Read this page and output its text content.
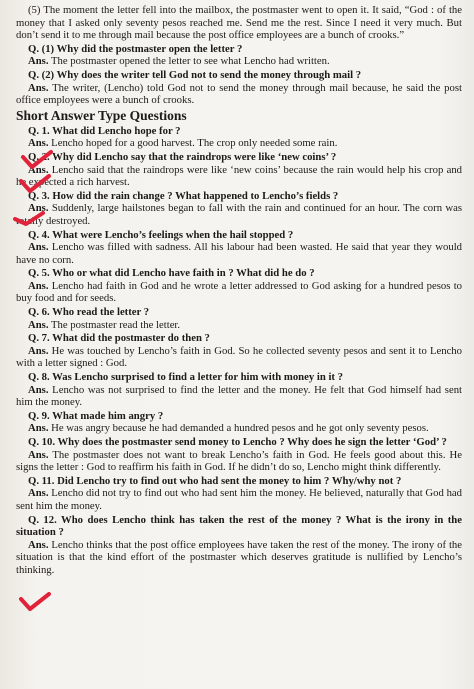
(5) The moment the letter fell into the mailbox, the postmaster went to open it. It said, “God : of the money that I asked only seventy pesos reached me. Send me the rest. Since I need it very much. But don’t send it to me through mail because the post office employees are a bunch of crooks.”

Q. (1) Why did the postmaster open the letter ?

Ans. The postmaster opened the letter to see what Lencho had written.

Q. (2) Why does the writer tell God not to send the money through mail ?

Ans. The writer, (Lencho) told God not to send the money through mail because, he said the post office employees were a bunch of crooks.

Short Answer Type Questions

Q. 1. What did Lencho hope for ?

Ans. Lencho hoped for a good harvest. The crop only needed some rain.

Q. 2. Why did Lencho say that the raindrops were like ‘new coins’ ?

Ans. Lencho said that the raindrops were like ‘new coins’ because the rain would help his crop and he expected a rich harvest.

Q. 3. How did the rain change ? What happened to Lencho’s fields ?

Ans. Suddenly, large hailstones began to fall with the rain and continued for an hour. The corn was totally destroyed.

Q. 4. What were Lencho’s feelings when the hail stopped ?

Ans. Lencho was filled with sadness. All his labour had been wasted. He said that year they would have no corn.

Q. 5. Who or what did Lencho have faith in ? What did he do ?

Ans. Lencho had faith in God and he wrote a letter addressed to God asking for a hundred pesos to buy food and for seeds.

Q. 6. Who read the letter ?

Ans. The postmaster read the letter.

Q. 7. What did the postmaster do then ?

Ans. He was touched by Lencho’s faith in God. So he collected seventy pesos and sent it to Lencho with a letter signed : God.

Q. 8. Was Lencho surprised to find a letter for him with money in it ?

Ans. Lencho was not surprised to find the letter and the money. He felt that God himself had sent him the money.

Q. 9. What made him angry ?

Ans. He was angry because he had demanded a hundred pesos and he got only seventy pesos.

Q. 10. Why does the postmaster send money to Lencho ? Why does he sign the letter ‘God’ ?

Ans. The postmaster does not want to break Lencho’s faith in God. He feels good about this. He signs the letter : God to reaffirm his faith in God. If he didn’t do so, Lencho might think differently.

Q. 11. Did Lencho try to find out who had sent the money to him ? Why/why not ?

Ans. Lencho did not try to find out who had sent him the money. He believed, naturally that God had sent him the money.

Q. 12. Who does Lencho think has taken the rest of the money ? What is the irony in the situation ?

Ans. Lencho thinks that the post office employees have taken the rest of the money. The irony of the situation is that the kind effort of the postmaster which deserves gratitude is nullified by Lencho’s thinking.
